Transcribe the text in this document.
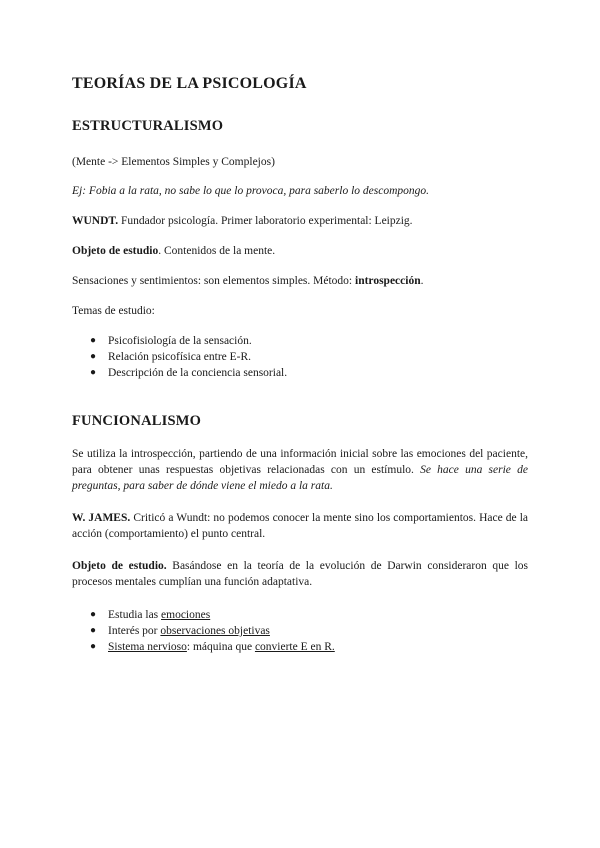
TEORÍAS DE LA PSICOLOGÍA
ESTRUCTURALISMO

(Mente -> Elementos Simples y Complejos)

Ej: Fobia a la rata, no sabe lo que lo provoca, para saberlo lo descompongo.

WUNDT. Fundador psicología. Primer laboratorio experimental: Leipzig.

Objeto de estudio. Contenidos de la mente.

Sensaciones y sentimientos: son elementos simples. Método: introspección.

Temas de estudio:

● Psicofisiología de la sensación.
● Relación psicofísica entre E-R.
● Descripción de la conciencia sensorial.
FUNCIONALISMO

Se utiliza la introspección, partiendo de una información inicial sobre las emociones del paciente, para obtener unas respuestas objetivas relacionadas con un estímulo. Se hace una serie de preguntas, para saber de dónde viene el miedo a la rata.

W. JAMES. Criticó a Wundt: no podemos conocer la mente sino los comportamientos. Hace de la acción (comportamiento) el punto central.

Objeto de estudio. Basándose en la teoría de la evolución de Darwin consideraron que los procesos mentales cumplían una función adaptativa.

● Estudia las emociones
● Interés por observaciones objetivas
● Sistema nervioso: máquina que convierte E en R.
